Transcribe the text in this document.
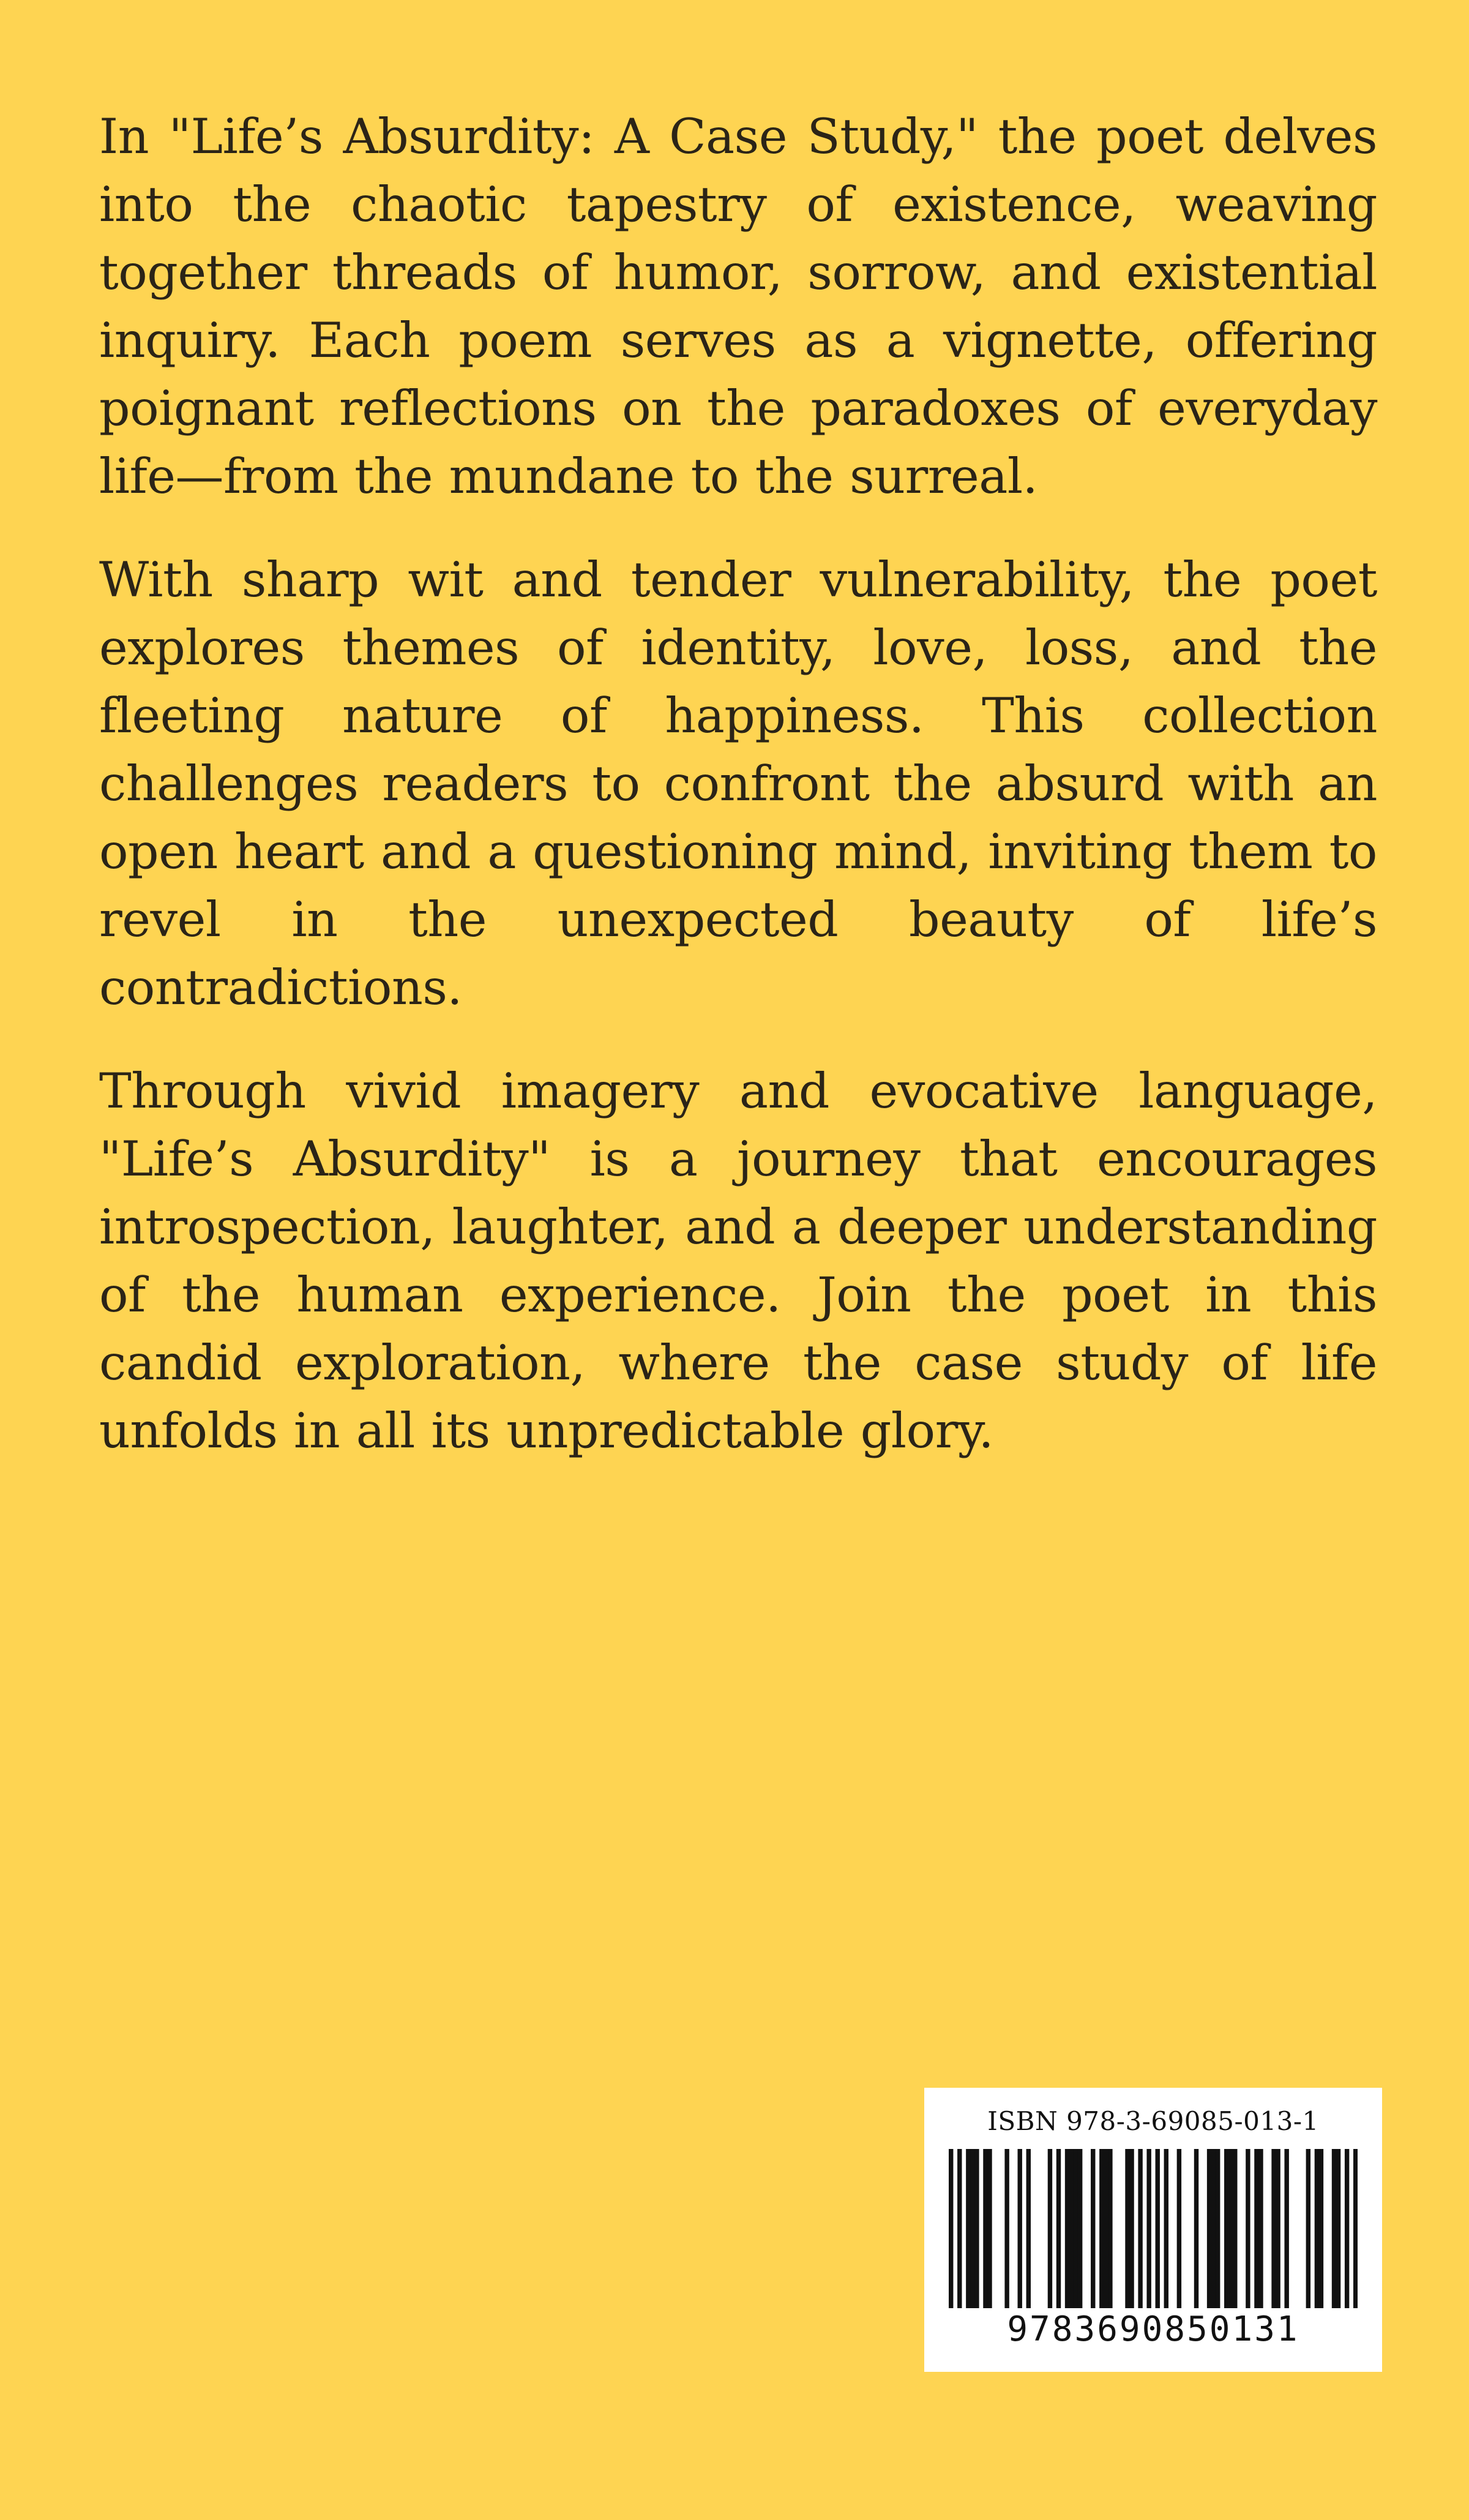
In "Life’s Absurdity: A Case Study," the poet delves into the chaotic tapestry of existence, weaving together threads of humor, sorrow, and existential inquiry. Each poem serves as a vignette, offering poignant reflections on the paradoxes of everyday life—from the mundane to the surreal.

With sharp wit and tender vulnerability, the poet explores themes of identity, love, loss, and the fleeting nature of happiness. This collection challenges readers to confront the absurd with an open heart and a questioning mind, inviting them to revel in the unexpected beauty of life’s contradictions.

Through vivid imagery and evocative language, "Life’s Absurdity" is a journey that encourages introspection, laughter, and a deeper understanding of the human experience. Join the poet in this candid exploration, where the case study of life unfolds in all its unpredictable glory.

ISBN 978-3-69085-013-1
9783690850131
